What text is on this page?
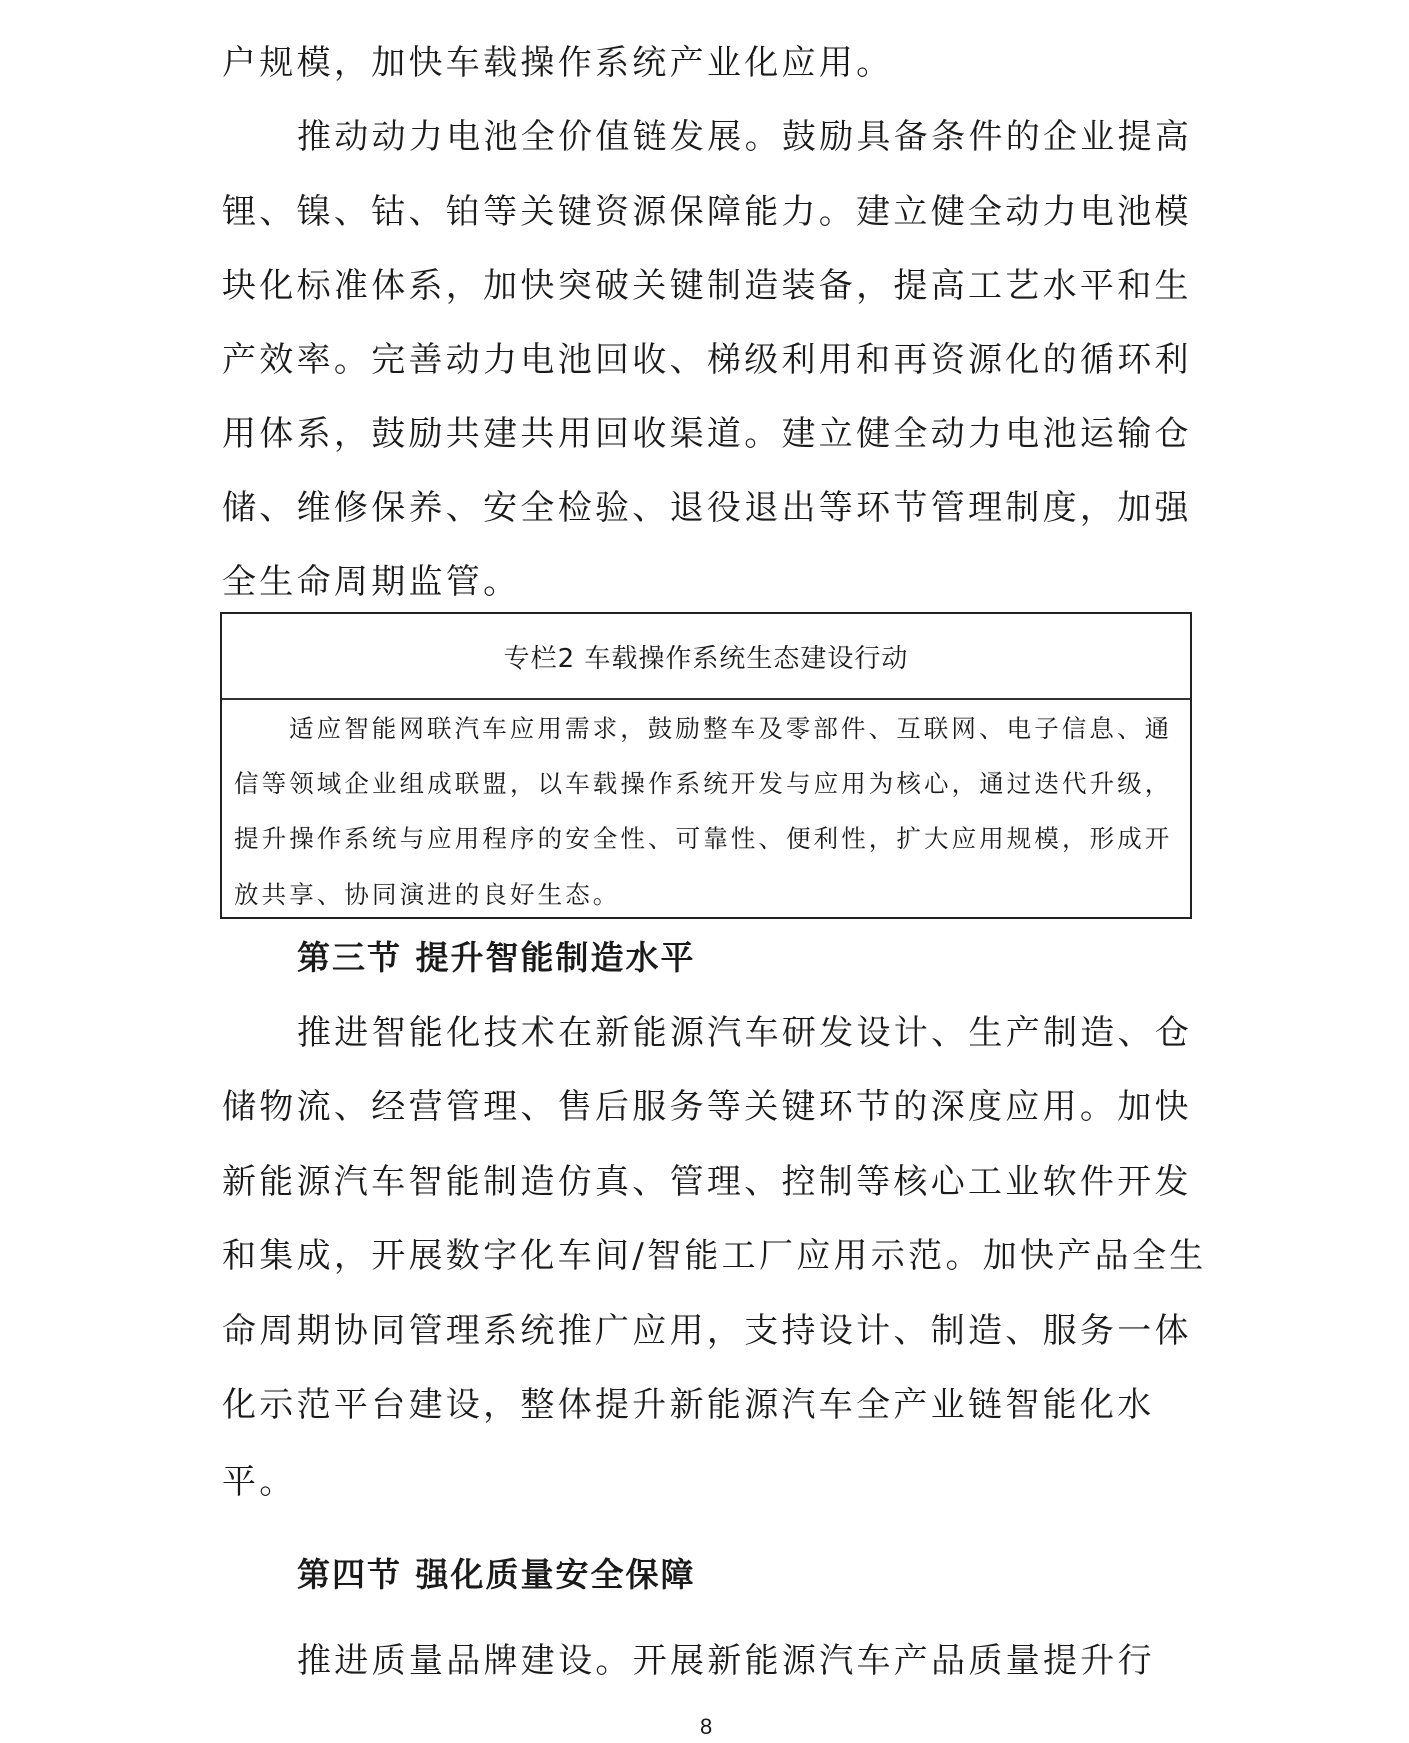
户规模，加快车载操作系统产业化应用。
推动动力电池全价值链发展。鼓励具备条件的企业提高
锂、镍、钴、铂等关键资源保障能力。建立健全动力电池模
块化标准体系，加快突破关键制造装备，提高工艺水平和生
产效率。完善动力电池回收、梯级利用和再资源化的循环利
用体系，鼓励共建共用回收渠道。建立健全动力电池运输仓
储、维修保养、安全检验、退役退出等环节管理制度，加强
全生命周期监管。
专栏2 车载操作系统生态建设行动
适应智能网联汽车应用需求，鼓励整车及零部件、互联网、电子信息、通
信等领域企业组成联盟，以车载操作系统开发与应用为核心，通过迭代升级，
提升操作系统与应用程序的安全性、可靠性、便利性，扩大应用规模，形成开
放共享、协同演进的良好生态。
第三节 提升智能制造水平
推进智能化技术在新能源汽车研发设计、生产制造、仓
储物流、经营管理、售后服务等关键环节的深度应用。加快
新能源汽车智能制造仿真、管理、控制等核心工业软件开发
和集成，开展数字化车间/智能工厂应用示范。加快产品全生
命周期协同管理系统推广应用，支持设计、制造、服务一体
化示范平台建设，整体提升新能源汽车全产业链智能化水
平。
第四节 强化质量安全保障
推进质量品牌建设。开展新能源汽车产品质量提升行
8
